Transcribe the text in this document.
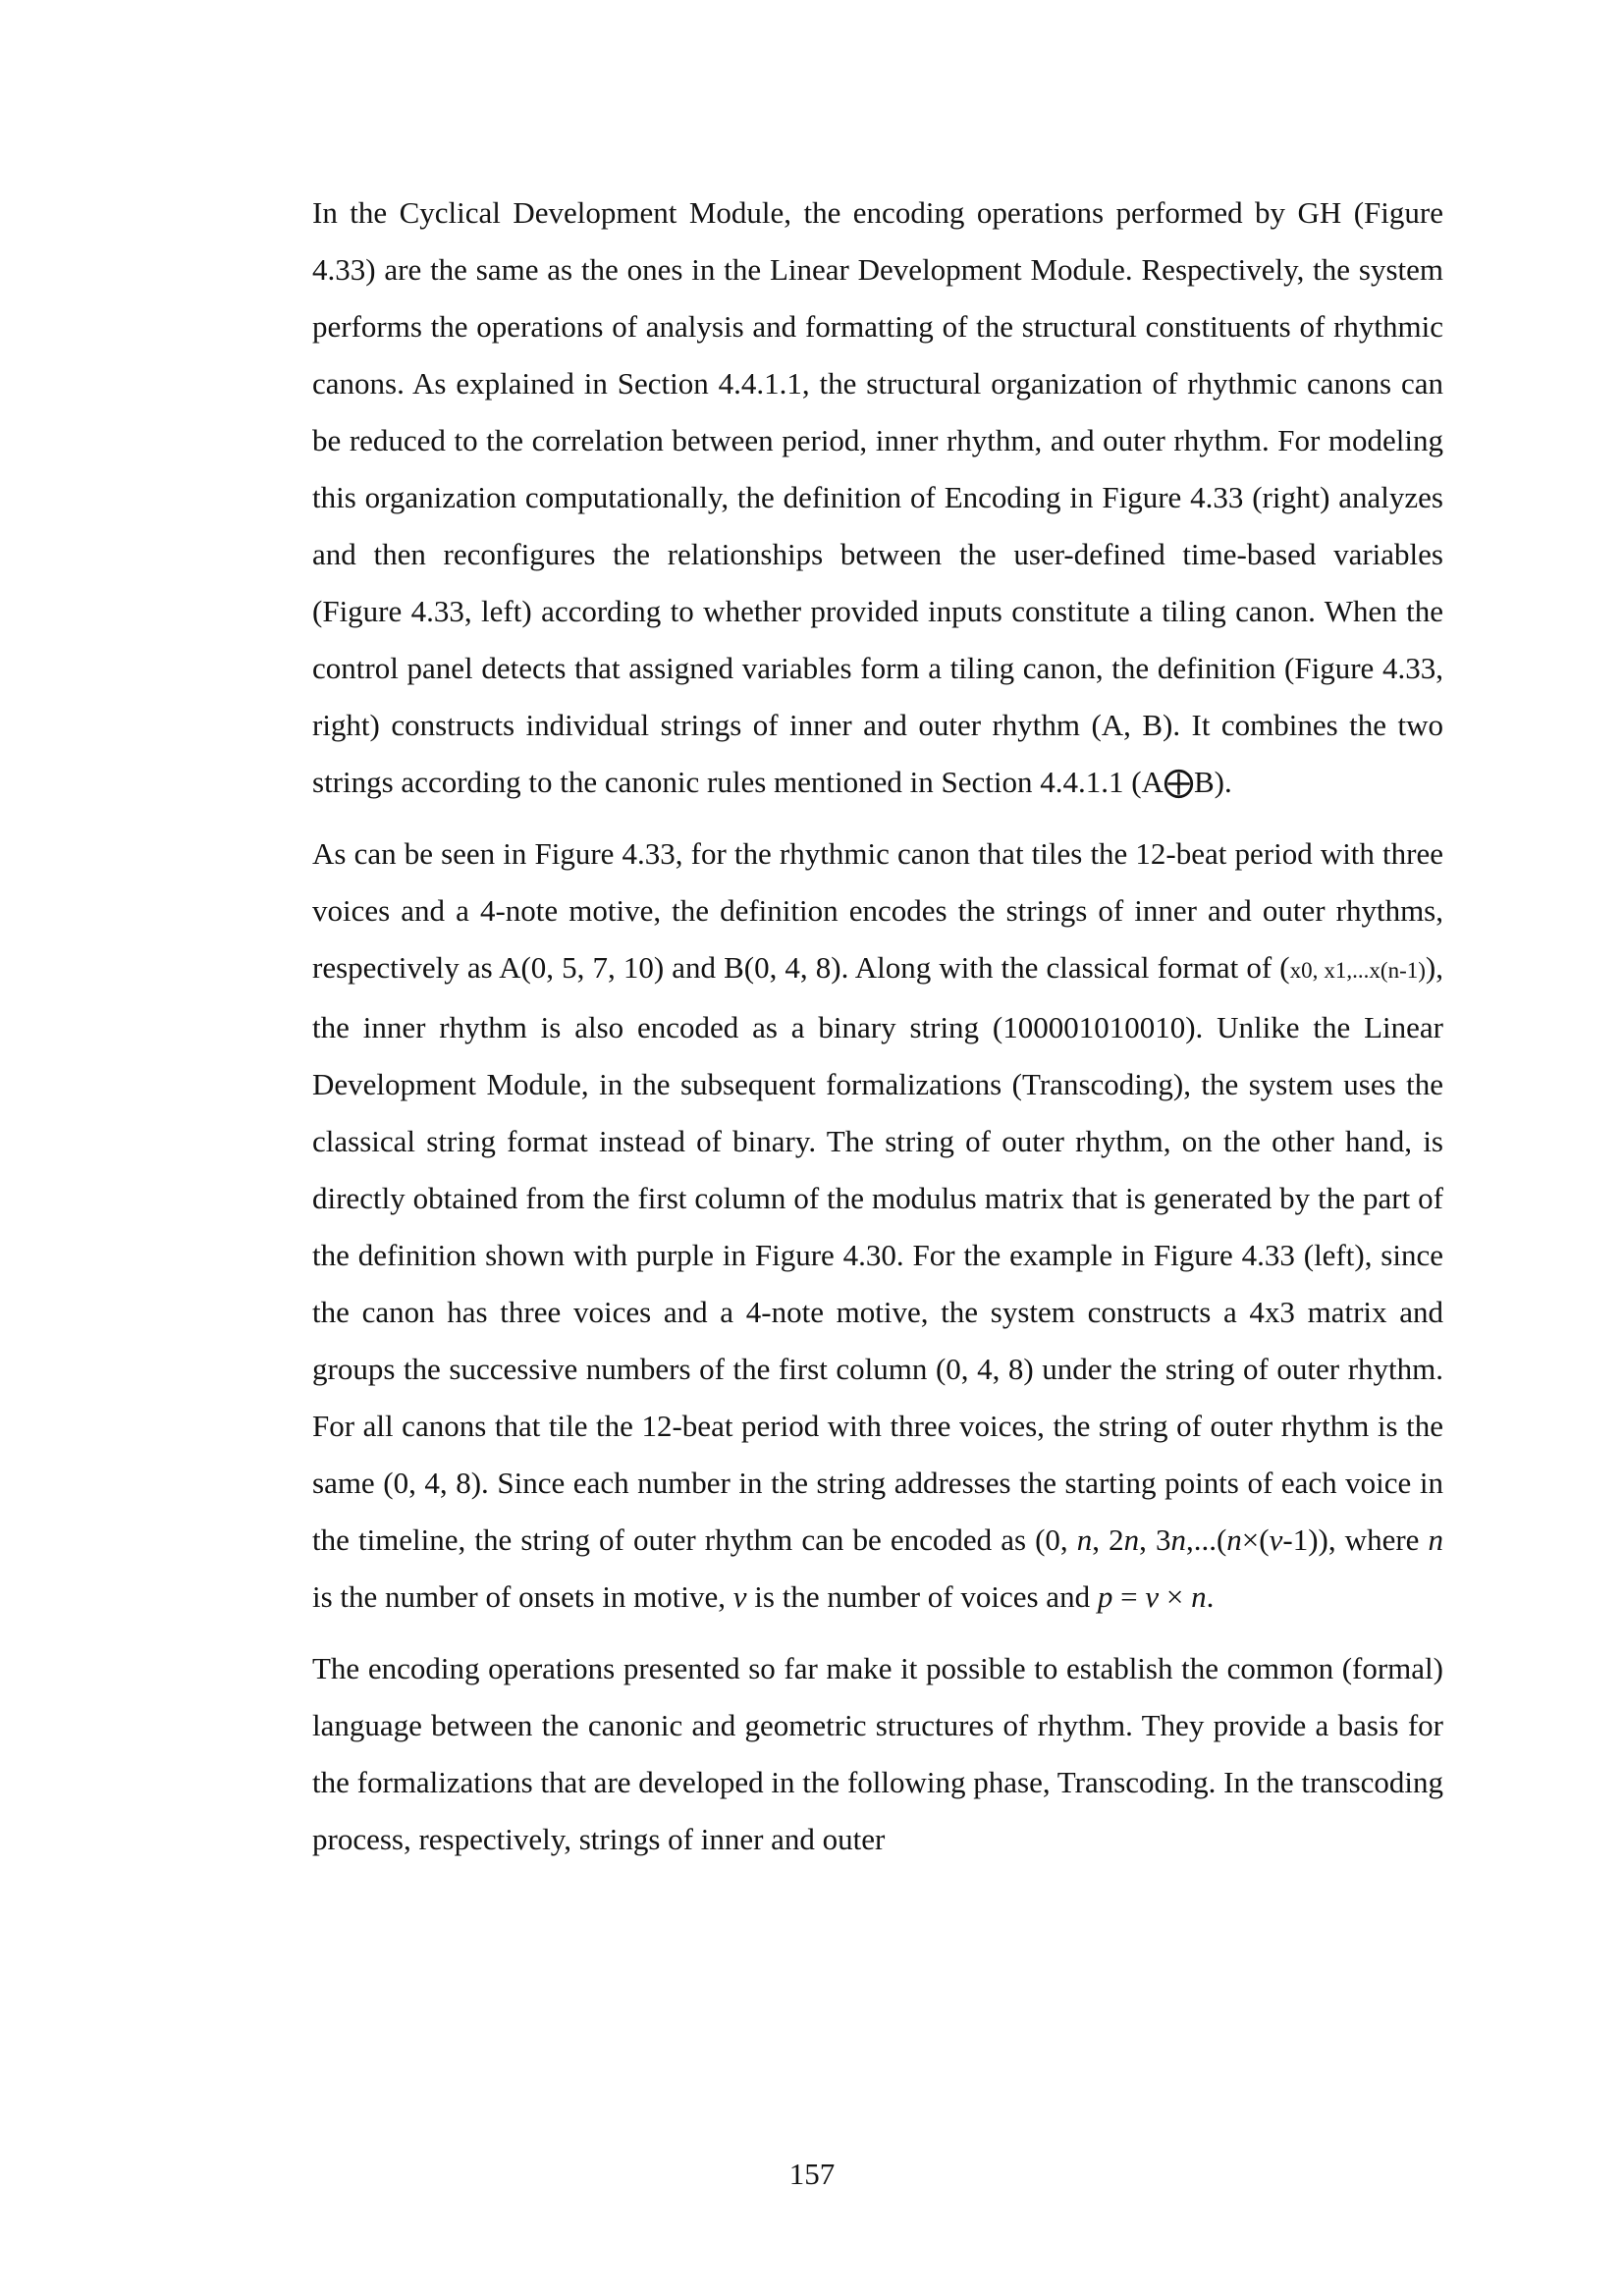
In the Cyclical Development Module, the encoding operations performed by GH (Figure 4.33) are the same as the ones in the Linear Development Module. Respectively, the system performs the operations of analysis and formatting of the structural constituents of rhythmic canons. As explained in Section 4.4.1.1, the structural organization of rhythmic canons can be reduced to the correlation between period, inner rhythm, and outer rhythm. For modeling this organization computationally, the definition of Encoding in Figure 4.33 (right) analyzes and then reconfigures the relationships between the user-defined time-based variables (Figure 4.33, left) according to whether provided inputs constitute a tiling canon. When the control panel detects that assigned variables form a tiling canon, the definition (Figure 4.33, right) constructs individual strings of inner and outer rhythm (A, B). It combines the two strings according to the canonic rules mentioned in Section 4.4.1.1 (A⨁B).

As can be seen in Figure 4.33, for the rhythmic canon that tiles the 12-beat period with three voices and a 4-note motive, the definition encodes the strings of inner and outer rhythms, respectively as A(0, 5, 7, 10) and B(0, 4, 8). Along with the classical format of (x0, x1,...x(n-1)), the inner rhythm is also encoded as a binary string (100001010010). Unlike the Linear Development Module, in the subsequent formalizations (Transcoding), the system uses the classical string format instead of binary. The string of outer rhythm, on the other hand, is directly obtained from the first column of the modulus matrix that is generated by the part of the definition shown with purple in Figure 4.30. For the example in Figure 4.33 (left), since the canon has three voices and a 4-note motive, the system constructs a 4x3 matrix and groups the successive numbers of the first column (0, 4, 8) under the string of outer rhythm. For all canons that tile the 12-beat period with three voices, the string of outer rhythm is the same (0, 4, 8). Since each number in the string addresses the starting points of each voice in the timeline, the string of outer rhythm can be encoded as (0, n, 2n, 3n,...(n×(v-1)), where n is the number of onsets in motive, v is the number of voices and p = v × n.

The encoding operations presented so far make it possible to establish the common (formal) language between the canonic and geometric structures of rhythm. They provide a basis for the formalizations that are developed in the following phase, Transcoding. In the transcoding process, respectively, strings of inner and outer

157
